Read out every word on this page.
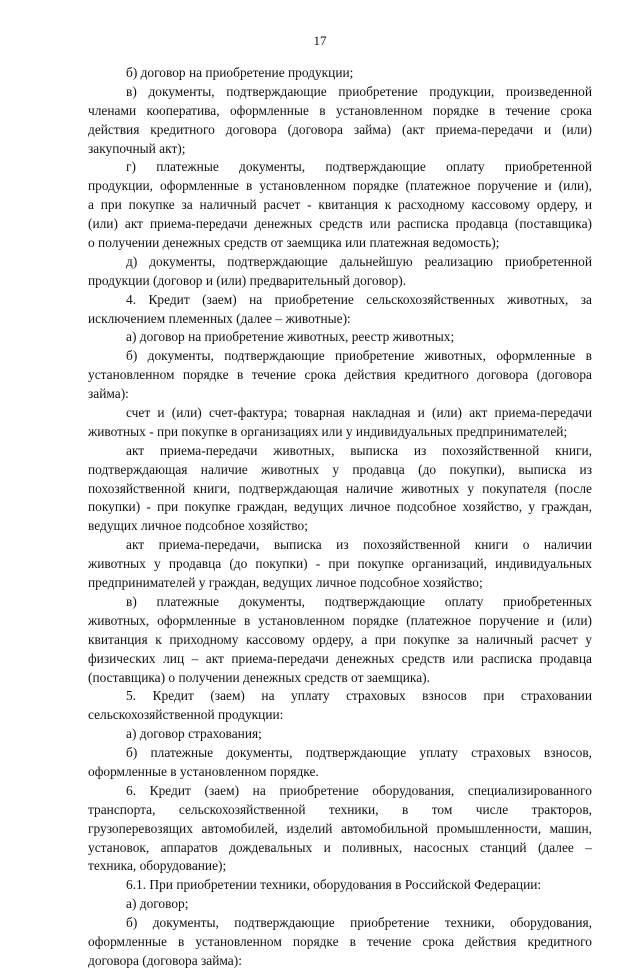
17
б) договор на приобретение продукции;
в) документы, подтверждающие приобретение продукции, произведенной
членами кооператива, оформленные в установленном порядке в течение срока
действия кредитного договора (договора займа) (акт приема-передачи и (или)
закупочный акт);
г) платежные документы, подтверждающие оплату приобретенной
продукции, оформленные в установленном порядке (платежное поручение и (или),
а при покупке за наличный расчет - квитанция к расходному кассовому ордеру, и
(или) акт приема-передачи денежных средств или расписка продавца (поставщика)
о получении денежных средств от заемщика или платежная ведомость);
д) документы, подтверждающие дальнейшую реализацию приобретенной
продукции (договор и (или) предварительный договор).
4. Кредит (заем) на приобретение сельскохозяйственных животных, за
исключением племенных (далее – животные):
а) договор на приобретение животных, реестр животных;
б) документы, подтверждающие приобретение животных, оформленные в
установленном порядке в течение срока действия кредитного договора (договора
займа):
счет и (или) счет-фактура; товарная накладная и (или) акт приема-передачи
животных - при покупке в организациях или у индивидуальных предпринимателей;
акт приема-передачи животных, выписка из похозяйственной книги,
подтверждающая наличие животных у продавца (до покупки), выписка из
похозяйственной книги, подтверждающая наличие животных у покупателя (после
покупки) - при покупке граждан, ведущих личное подсобное хозяйство, у граждан,
ведущих личное подсобное хозяйство;
акт приема-передачи, выписка из похозяйственной книги о наличии
животных у продавца (до покупки) - при покупке организаций, индивидуальных
предпринимателей у граждан, ведущих личное подсобное хозяйство;
в) платежные документы, подтверждающие оплату приобретенных
животных, оформленные в установленном порядке (платежное поручение и (или)
квитанция к приходному кассовому ордеру, а при покупке за наличный расчет у
физических лиц – акт приема-передачи денежных средств или расписка продавца
(поставщика) о получении денежных средств от заемщика).
5. Кредит (заем) на уплату страховых взносов при страховании
сельскохозяйственной продукции:
а) договор страхования;
б) платежные документы, подтверждающие уплату страховых взносов,
оформленные в установленном порядке.
6. Кредит (заем) на приобретение оборудования, специализированного
транспорта, сельскохозяйственной техники, в том числе тракторов,
грузоперевозящих автомобилей, изделий автомобильной промышленности, машин,
установок, аппаратов дождевальных и поливных, насосных станций (далее –
техника, оборудование);
6.1. При приобретении техники, оборудования в Российской Федерации:
а) договор;
б) документы, подтверждающие приобретение техники, оборудования,
оформленные в установленном порядке в течение срока действия кредитного
договора (договора займа):
